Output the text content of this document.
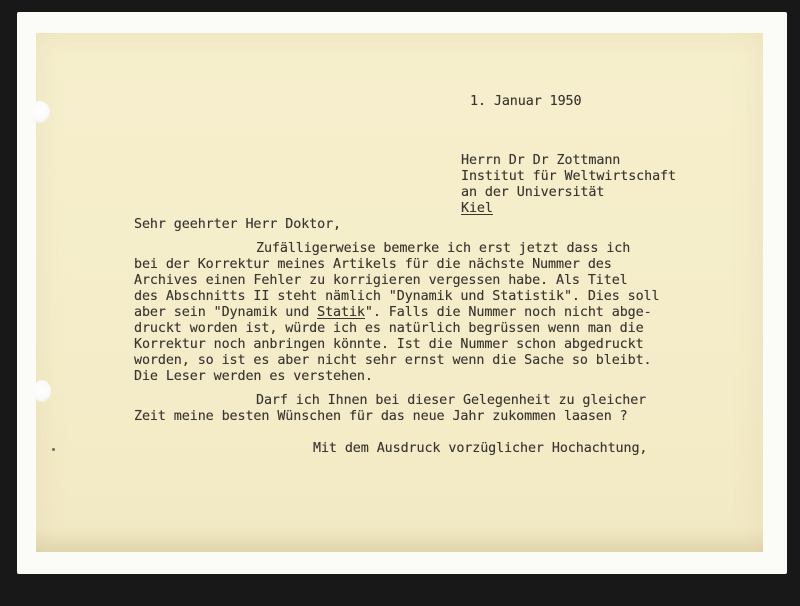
1. Januar 1950
Herrn Dr Dr Zottmann
Institut für Weltwirtschaft
an der Universität
Kiel
Sehr geehrter Herr Doktor,
Zufälligerweise bemerke ich erst jetzt dass ich
bei der Korrektur meines Artikels für die nächste Nummer des
Archives einen Fehler zu korrigieren vergessen habe. Als Titel
des Abschnitts II steht nämlich "Dynamik und Statistik". Dies soll
aber sein "Dynamik und Statik". Falls die Nummer noch nicht abge-
druckt worden ist, würde ich es natürlich begrüssen wenn man die
Korrektur noch anbringen könnte. Ist die Nummer schon abgedruckt
worden, so ist es aber nicht sehr ernst wenn die Sache so bleibt.
Die Leser werden es verstehen.
Darf ich Ihnen bei dieser Gelegenheit zu gleicher
Zeit meine besten Wünschen für das neue Jahr zukommen laasen ?
Mit dem Ausdruck vorzüglicher Hochachtung,
